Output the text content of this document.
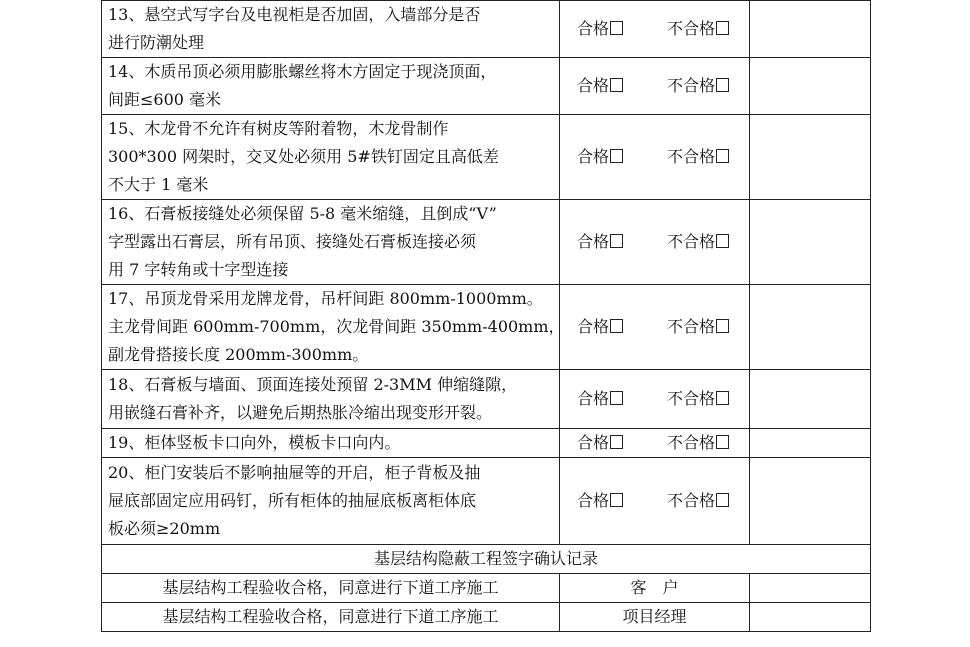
13、悬空式写字台及电视柜是否加固，入墙部分是否
进行防潮处理	合格 不合格	

14、木质吊顶必须用膨胀螺丝将木方固定于现浇顶面，
间距≤600 毫米	合格 不合格	

15、木龙骨不允许有树皮等附着物，木龙骨制作
300*300 网架时，交叉处必须用 5#铁钉固定且高低差
不大于 1 毫米	合格 不合格	

16、石膏板接缝处必须保留 5-8 毫米缩缝，且倒成“V”
字型露出石膏层，所有吊顶、接缝处石膏板连接必须
用 7 字转角或十字型连接	合格 不合格	

17、吊顶龙骨采用龙牌龙骨，吊杆间距 800mm-1000mm。
主龙骨间距 600mm-700mm，次龙骨间距 350mm-400mm，
副龙骨搭接长度 200mm-300mm。	合格 不合格	

18、石膏板与墙面、顶面连接处预留 2-3MM 伸缩缝隙，
用嵌缝石膏补齐，以避免后期热胀冷缩出现变形开裂。	合格 不合格	

19、柜体竖板卡口向外，模板卡口向内。	合格 不合格	

20、柜门安装后不影响抽屉等的开启，柜子背板及抽
屉底部固定应用码钉，所有柜体的抽屉底板离柜体底
板必须≥20mm	合格 不合格	

基层结构隐蔽工程签字确认记录		
基层结构工程验收合格，同意进行下道工序施工	客　户	
基层结构工程验收合格，同意进行下道工序施工	项目经理	
